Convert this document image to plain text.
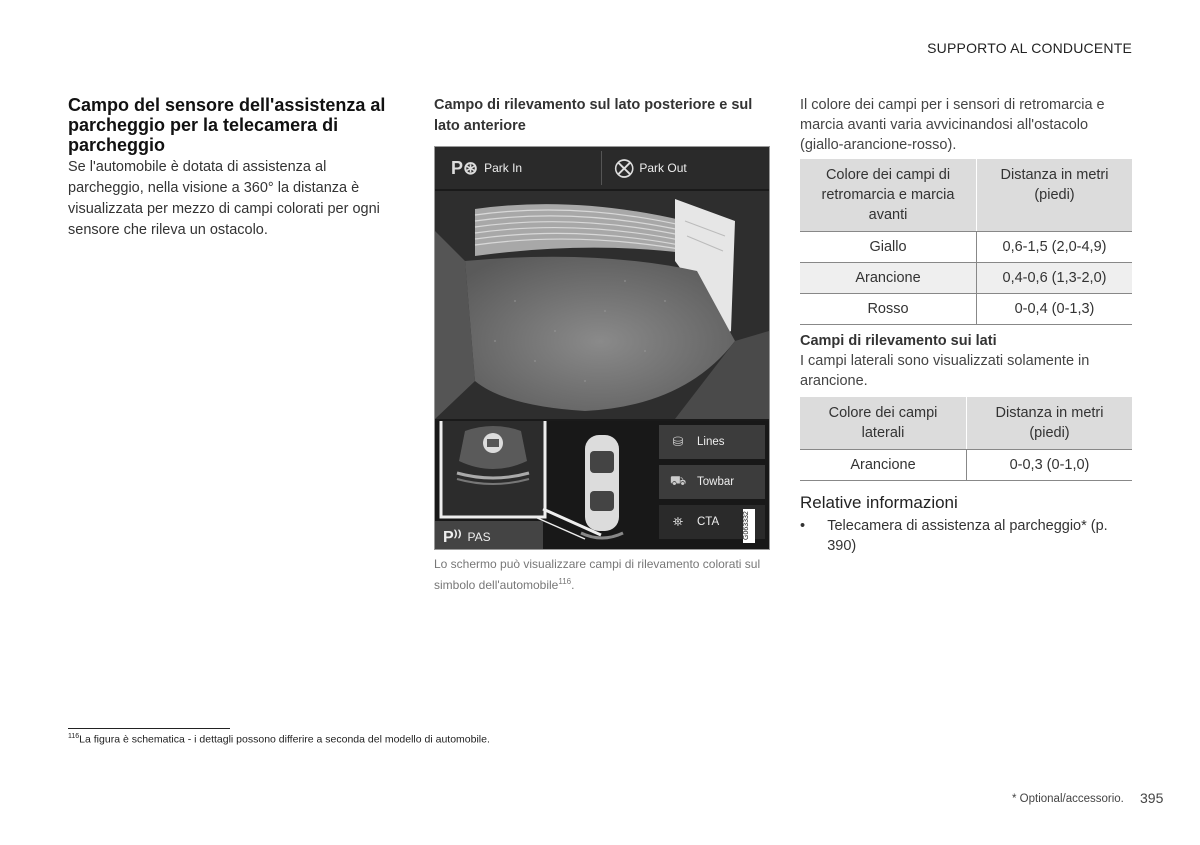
SUPPORTO AL CONDUCENTE
Campo del sensore dell'assistenza al parcheggio per la telecamera di parcheggio

Se l'automobile è dotata di assistenza al parcheggio, nella visione a 360° la distanza è visualizzata per mezzo di campi colorati per ogni sensore che rileva un ostacolo.

Campo di rilevamento sul lato posteriore e sul lato anteriore
P⊛ Park In	⛒ Park Out
P⁾⁾ PAS
⛁	Lines
⛟ Towbar
⛯	CTA	G063332
Lo schermo può visualizzare campi di rilevamento colorati sul simbolo dell'automobile$^{116}$.

Il colore dei campi per i sensori di retromarcia e marcia avanti varia avvicinandosi all'ostacolo (giallo-arancione-rosso).

Colore dei campi di retromarcia e marcia avanti	Distanza in metri (piedi)
Giallo	0,6-1,5 (2,0-4,9)
Arancione	0,4-0,6 (1,3-2,0)
Rosso	0-0,4 (0-1,3)
Campi di rilevamento sui lati

I campi laterali sono visualizzati solamente in arancione.

Colore dei campi laterali	Distanza in metri (piedi)
Arancione	0-0,3 (0-1,0)
Relative informazioni
•	Telecamera di assistenza al parcheggio* (p. 390)
$^{116}$La figura è schematica - i dettagli possono differire a seconda del modello di automobile.
* Optional/accessorio. 395
